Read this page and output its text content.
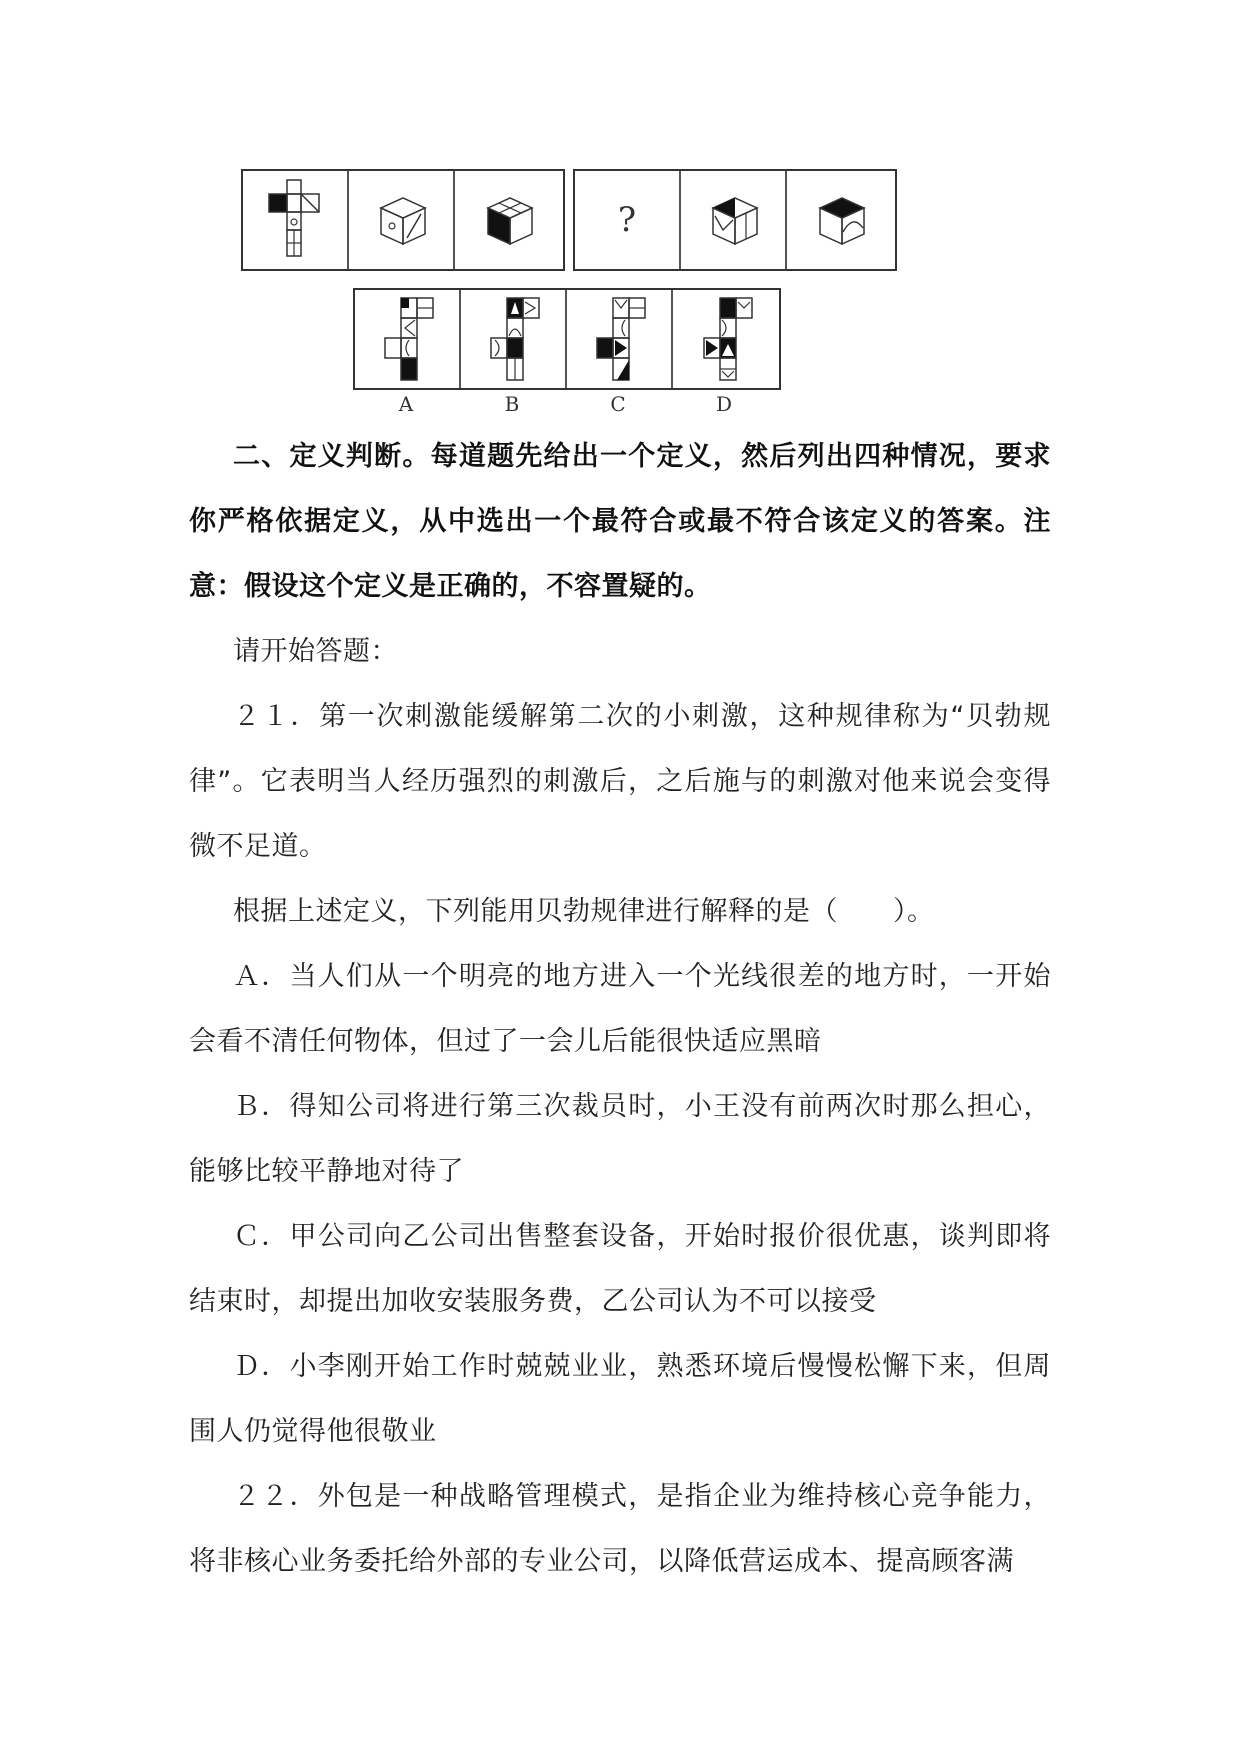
?
A	B	C	D

二、定义判断。每道题先给出一个定义，然后列出四种情况，要求你严格依据定义，从中选出一个最符合或最不符合该定义的答案。注意：假设这个定义是正确的，不容置疑的。

请开始答题：

２１．第一次刺激能缓解第二次的小刺激，这种规律称为“贝勃规律”。它表明当人经历强烈的刺激后，之后施与的刺激对他来说会变得微不足道。

根据上述定义，下列能用贝勃规律进行解释的是（　　）。

Ａ．当人们从一个明亮的地方进入一个光线很差的地方时，一开始会看不清任何物体，但过了一会儿后能很快适应黑暗

Ｂ．得知公司将进行第三次裁员时，小王没有前两次时那么担心，能够比较平静地对待了

Ｃ．甲公司向乙公司出售整套设备，开始时报价很优惠，谈判即将结束时，却提出加收安装服务费，乙公司认为不可以接受

Ｄ．小李刚开始工作时兢兢业业，熟悉环境后慢慢松懈下来，但周围人仍觉得他很敬业

２２．外包是一种战略管理模式，是指企业为维持核心竞争能力，将非核心业务委托给外部的专业公司，以降低营运成本、提高顾客满
